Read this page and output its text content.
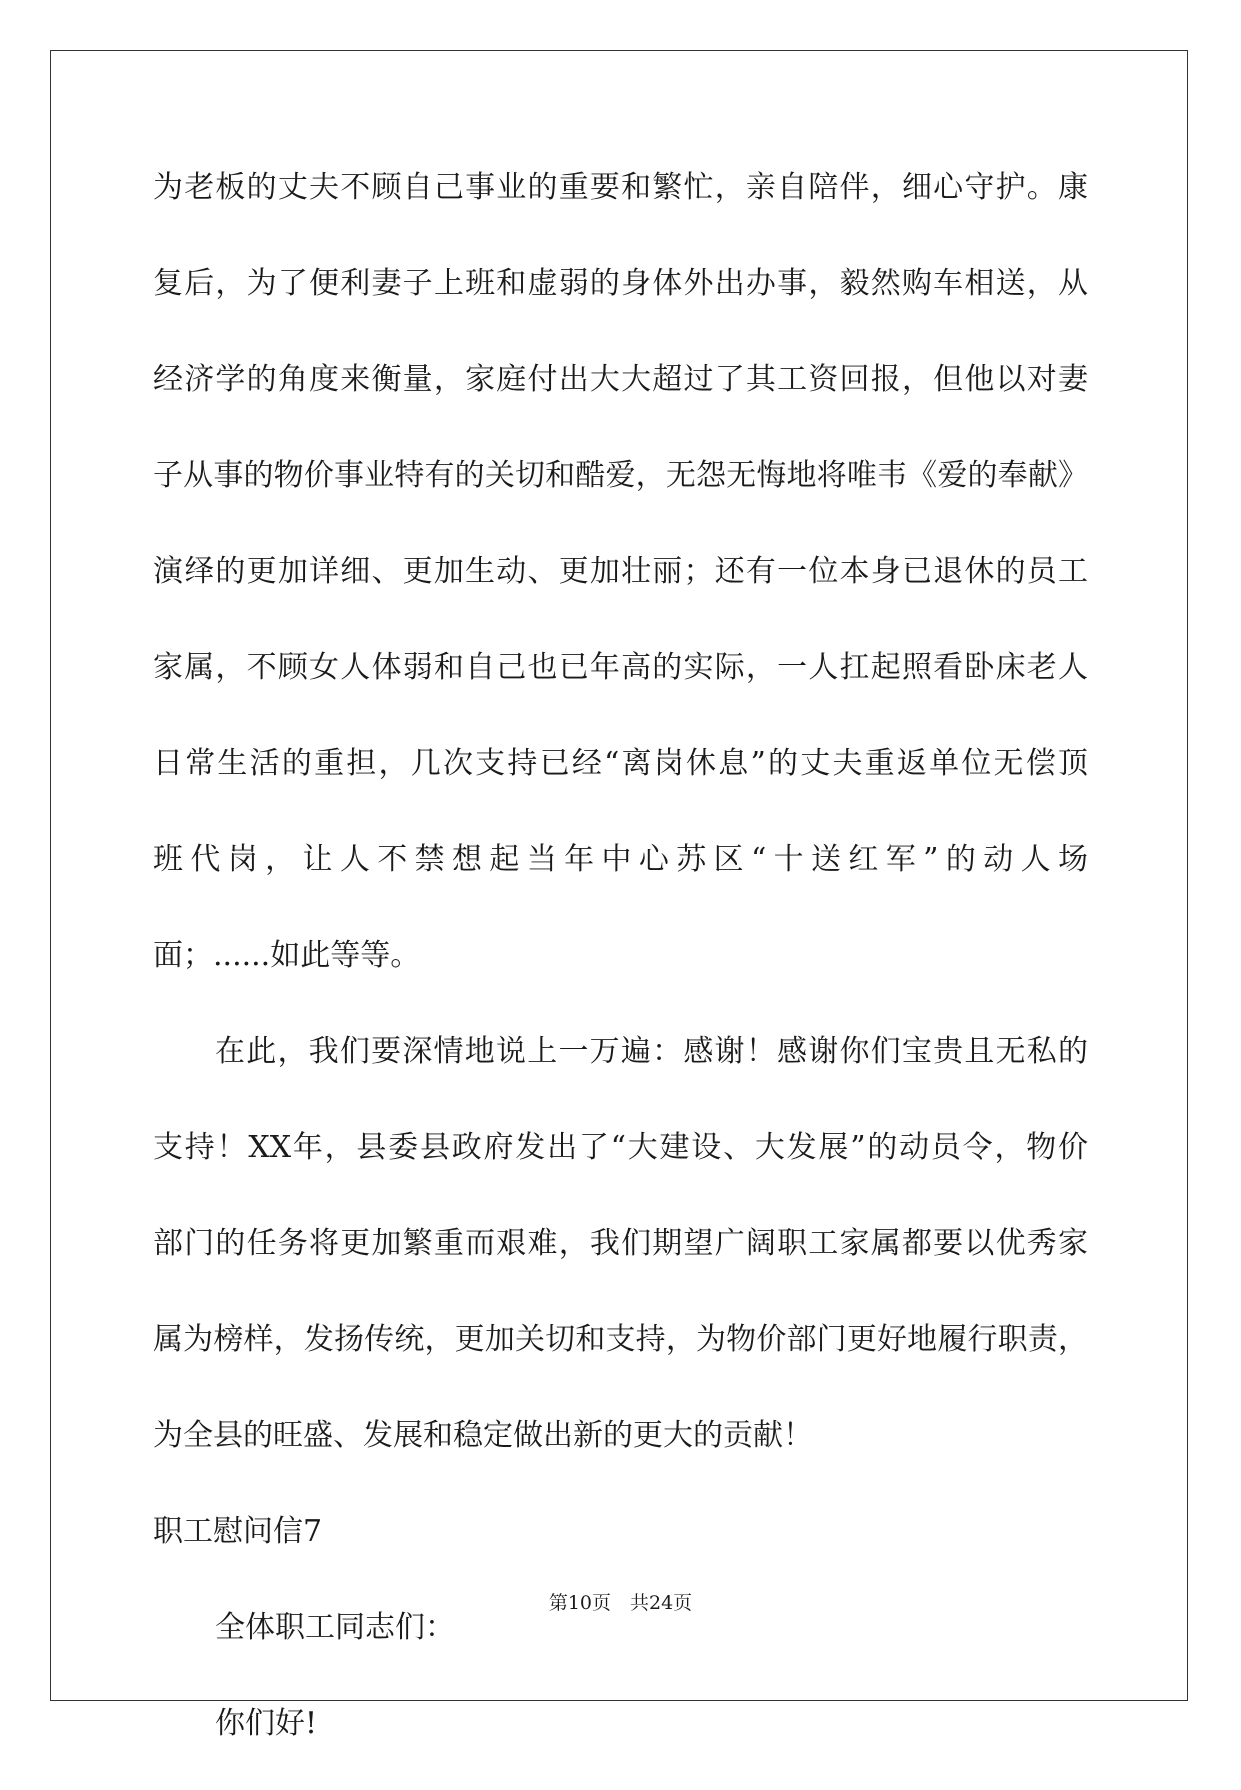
为老板的丈夫不顾自己事业的重要和繁忙，亲自陪伴，细心守护。康
复后，为了便利妻子上班和虚弱的身体外出办事，毅然购车相送，从
经济学的角度来衡量，家庭付出大大超过了其工资回报，但他以对妻
子从事的物价事业特有的关切和酷爱，无怨无悔地将唯韦《爱的奉献》
演绎的更加详细、更加生动、更加壮丽；还有一位本身已退休的员工
家属，不顾女人体弱和自己也已年高的实际，一人扛起照看卧床老人
日常生活的重担，几次支持已经“离岗休息”的丈夫重返单位无偿顶
班代岗，让人不禁想起当年中心苏区“十送红军”的动人场
面；......如此等等。
在此，我们要深情地说上一万遍：感谢！感谢你们宝贵且无私的
支持！XX年，县委县政府发出了“大建设、大发展”的动员令，物价
部门的任务将更加繁重而艰难，我们期望广阔职工家属都要以优秀家
属为榜样，发扬传统，更加关切和支持，为物价部门更好地履行职责，
为全县的旺盛、发展和稳定做出新的更大的贡献！
职工慰问信7
全体职工同志们：
你们好!
第10页　共24页
